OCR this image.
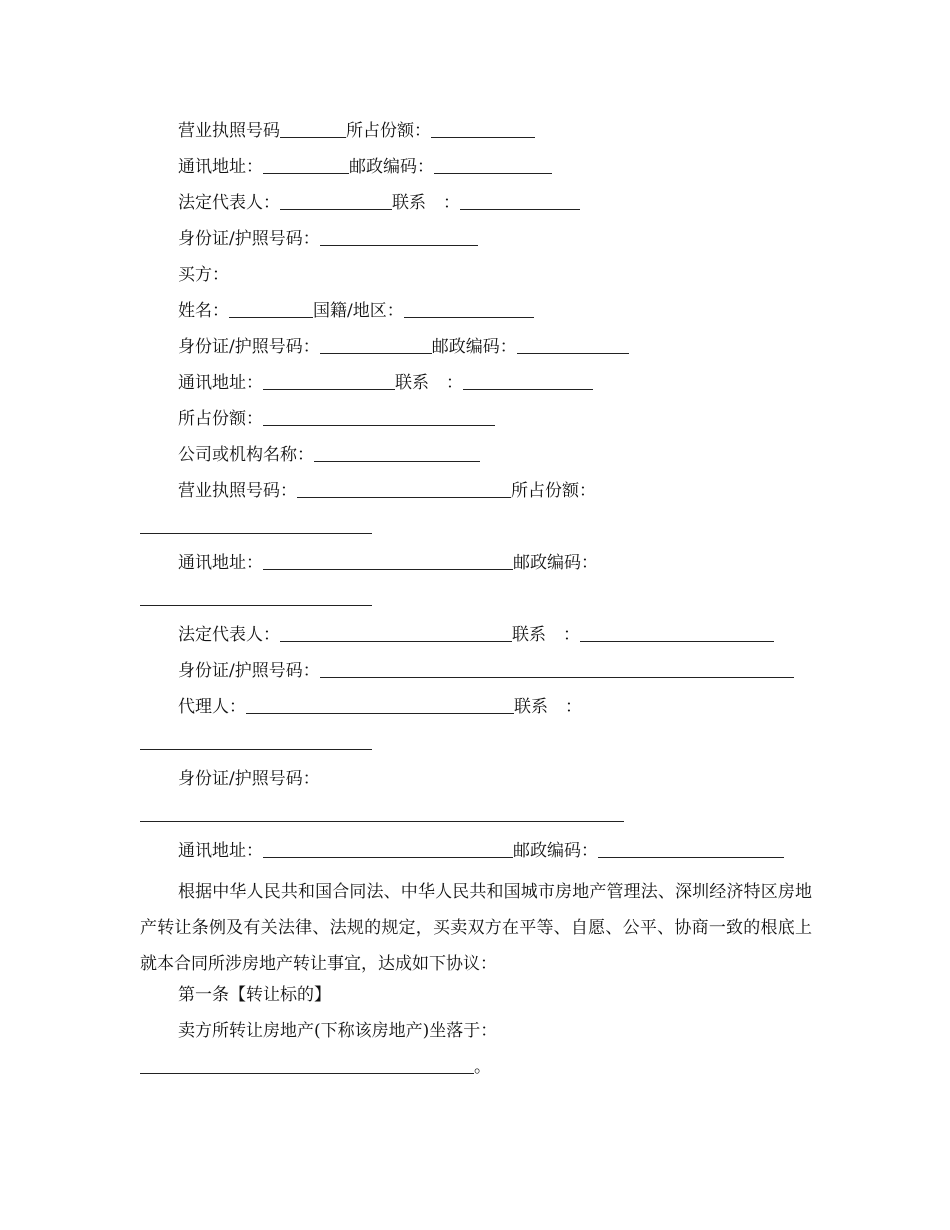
营业执照号码	所占份额：
通讯地址：	邮政编码：
法定代表人：	联系　：
身份证/护照号码：
买方：
姓名：	国籍/地区：
身份证/护照号码：	邮政编码：
通讯地址：	联系　：
所占份额：
公司或机构名称：
营业执照号码：	所占份额：
通讯地址：	邮政编码：
法定代表人：	联系　：
身份证/护照号码：
代理人：	联系　：
身份证/护照号码：
通讯地址：	邮政编码：
根据中华人民共和国合同法、中华人民共和国城市房地产管理法、深圳经济特区房地产转让条例及有关法律、法规的规定，买卖双方在平等、自愿、公平、协商一致的根底上就本合同所涉房地产转让事宜，达成如下协议：
第一条【转让标的】
卖方所转让房地产(下称该房地产)坐落于：
。
